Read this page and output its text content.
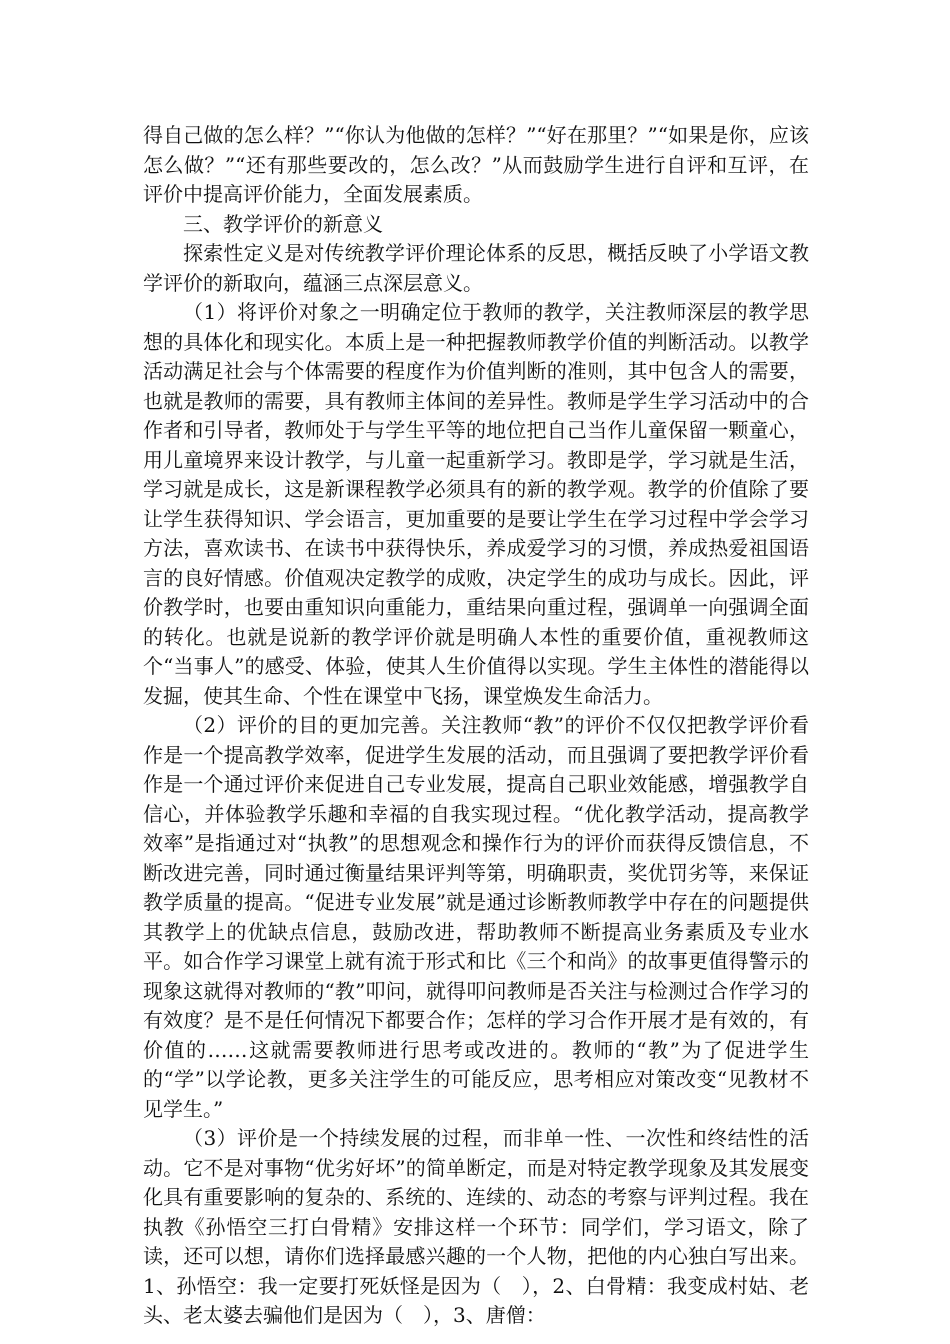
得自己做的怎么样？”“你认为他做的怎样？”“好在那里？”“如果是你，应该怎么做？”“还有那些要改的，怎么改？”从而鼓励学生进行自评和互评，在评价中提高评价能力，全面发展素质。

三、教学评价的新意义

探索性定义是对传统教学评价理论体系的反思，概括反映了小学语文教学评价的新取向，蕴涵三点深层意义。

（1）将评价对象之一明确定位于教师的教学，关注教师深层的教学思想的具体化和现实化。本质上是一种把握教师教学价值的判断活动。以教学活动满足社会与个体需要的程度作为价值判断的准则，其中包含人的需要，也就是教师的需要，具有教师主体间的差异性。教师是学生学习活动中的合作者和引导者，教师处于与学生平等的地位把自己当作儿童保留一颗童心，用儿童境界来设计教学，与儿童一起重新学习。教即是学，学习就是生活，学习就是成长，这是新课程教学必须具有的新的教学观。教学的价值除了要让学生获得知识、学会语言，更加重要的是要让学生在学习过程中学会学习方法，喜欢读书、在读书中获得快乐，养成爱学习的习惯，养成热爱祖国语言的良好情感。价值观决定教学的成败，决定学生的成功与成长。因此，评价教学时，也要由重知识向重能力，重结果向重过程，强调单一向强调全面的转化。也就是说新的教学评价就是明确人本性的重要价值，重视教师这个“当事人”的感受、体验，使其人生价值得以实现。学生主体性的潜能得以发掘，使其生命、个性在课堂中飞扬，课堂焕发生命活力。

（2）评价的目的更加完善。关注教师“教”的评价不仅仅把教学评价看作是一个提高教学效率，促进学生发展的活动，而且强调了要把教学评价看作是一个通过评价来促进自己专业发展，提高自己职业效能感，增强教学自信心，并体验教学乐趣和幸福的自我实现过程。“优化教学活动，提高教学效率”是指通过对“执教”的思想观念和操作行为的评价而获得反馈信息，不断改进完善，同时通过衡量结果评判等第，明确职责，奖优罚劣等，来保证教学质量的提高。“促进专业发展”就是通过诊断教师教学中存在的问题提供其教学上的优缺点信息，鼓励改进，帮助教师不断提高业务素质及专业水平。如合作学习课堂上就有流于形式和比《三个和尚》的故事更值得警示的现象这就得对教师的“教”叩问，就得叩问教师是否关注与检测过合作学习的有效度？是不是任何情况下都要合作；怎样的学习合作开展才是有效的，有价值的……这就需要教师进行思考或改进的。教师的“教”为了促进学生的“学”以学论教，更多关注学生的可能反应，思考相应对策改变“见教材不见学生。”

（3）评价是一个持续发展的过程，而非单一性、一次性和终结性的活动。它不是对事物“优劣好坏”的简单断定，而是对特定教学现象及其发展变化具有重要影响的复杂的、系统的、连续的、动态的考察与评判过程。我在执教《孙悟空三打白骨精》安排这样一个环节：同学们，学习语文，除了读，还可以想，请你们选择最感兴趣的一个人物，把他的内心独白写出来。1、孙悟空：我一定要打死妖怪是因为（　），2、白骨精：我变成村姑、老头、老太婆去骗他们是因为（　），3、唐僧：
